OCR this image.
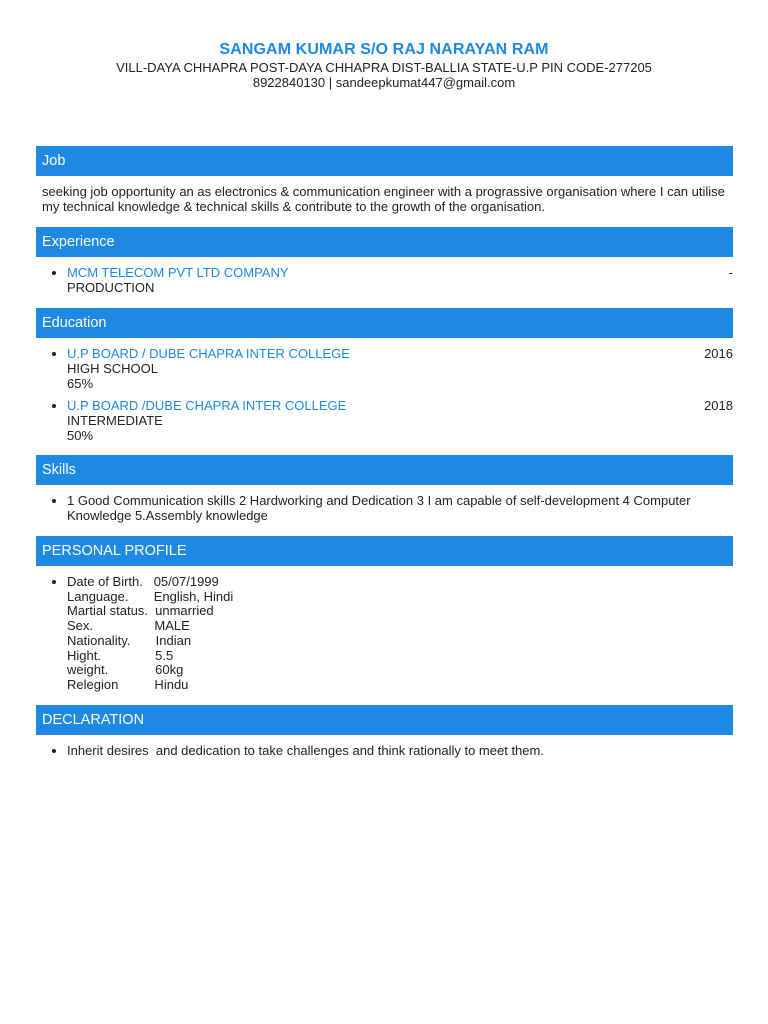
SANGAM KUMAR S/O RAJ NARAYAN RAM
VILL-DAYA CHHAPRA POST-DAYA CHHAPRA DIST-BALLIA STATE-U.P PIN CODE-277205
8922840130 | sandeepkumat447@gmail.com
Job
seeking job opportunity an as electronics & communication engineer with a prograssive organisation where I can utilise my technical knowledge & technical skills & contribute to the growth of the organisation.
Experience
• MCM TELECOM PVT LTD COMPANY	-
PRODUCTION
Education
• U.P BOARD / DUBE CHAPRA INTER COLLEGE	2016
HIGH SCHOOL
65%
• U.P BOARD /DUBE CHAPRA INTER COLLEGE	2018
INTERMEDIATE
50%
Skills
• 1 Good Communication skills 2 Hardworking and Dedication 3 I am capable of self-development 4 Computer Knowledge 5.Assembly knowledge
PERSONAL PROFILE
• Date of Birth.   05/07/1999
Language.       English, Hindi
Martial status.  unmarried
Sex.                 MALE
Nationality.       Indian
Hight.               5.5
weight.             60kg
Relegion          Hindu
DECLARATION
• Inherit desires  and dedication to take challenges and think rationally to meet them.
